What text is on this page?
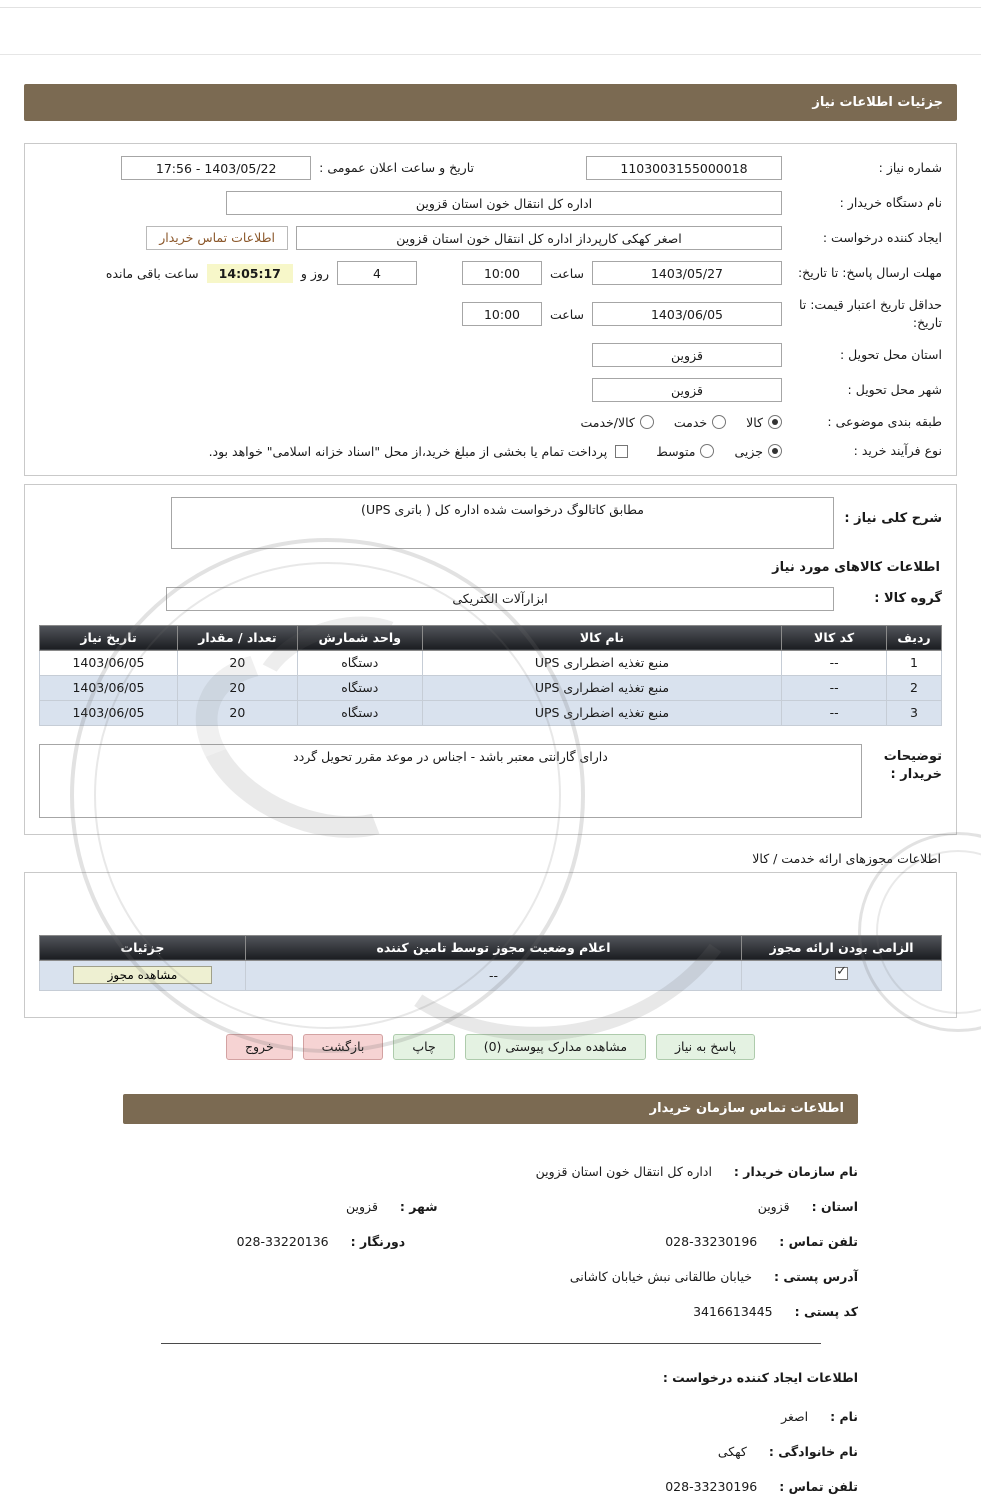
جزئیات اطلاعات نیاز
شماره نیاز :
1103003155000018
تاریخ و ساعت اعلان عمومی :
17:56 - 1403/05/22
نام دستگاه خریدار :
اداره کل انتقال خون استان قزوین
ایجاد کننده درخواست :
اصغر کهکی کارپرداز اداره کل انتقال خون استان قزوین
اطلاعات تماس خریدار
مهلت ارسال پاسخ: تا تاریخ:
1403/05/27
ساعت
10:00
4
روز و
14:05:17
ساعت باقی مانده
حداقل تاریخ اعتبار قیمت: تا تاریخ:
1403/06/05
ساعت
10:00
استان محل تحویل :
قزوین
شهر محل تحویل :
قزوین
طبقه بندی موضوعی :
کالا
خدمت
کالا/خدمت
نوع فرآیند خرید :
جزیی
متوسط
پرداخت تمام یا بخشی از مبلغ خرید،از محل "اسناد خزانه اسلامی" خواهد بود.
شرح کلی نیاز :
مطابق کاتالوگ درخواست شده اداره کل ( باتری UPS)
اطلاعات کالاهای مورد نیاز
گروه کالا :
ابزارآلات الکتریکی
ردیف	کد کالا	نام کالا	واحد شمارش	تعداد / مقدار	تاریخ نیاز
1	--	منبع تغذیه اضطراری UPS	دستگاه	20	1403/06/05
2	--	منبع تغذیه اضطراری UPS	دستگاه	20	1403/06/05
3	--	منبع تغذیه اضطراری UPS	دستگاه	20	1403/06/05
توضیحات خریدار :
دارای گارانتی معتبر باشد - اجناس در موعد مقرر تحویل گردد
اطلاعات مجوزهای ارائه خدمت / کالا
الزامی بودن ارائه مجوز	اعلام وضعیت مجوز توسط تامین کننده	جزئیات
✓	--	مشاهده مجوز
پاسخ به نیاز
مشاهده مدارک پیوستی (0)
چاپ
بازگشت
خروج
اطلاعات تماس سازمان خریدار
نام سازمان خریدار :
اداره کل انتقال خون استان قزوین
استان :
قزوین
شهر :
قزوین
تلفن تماس :
028-33230196
دورنگار :
028-33220136
آدرس پستی :
خیابان طالقانی نبش خیابان کاشانی
کد پستی :
3416613445
اطلاعات ایجاد کننده درخواست :
نام :
اصغر
نام خانوادگی :
کهکی
تلفن تماس :
028-33230196
